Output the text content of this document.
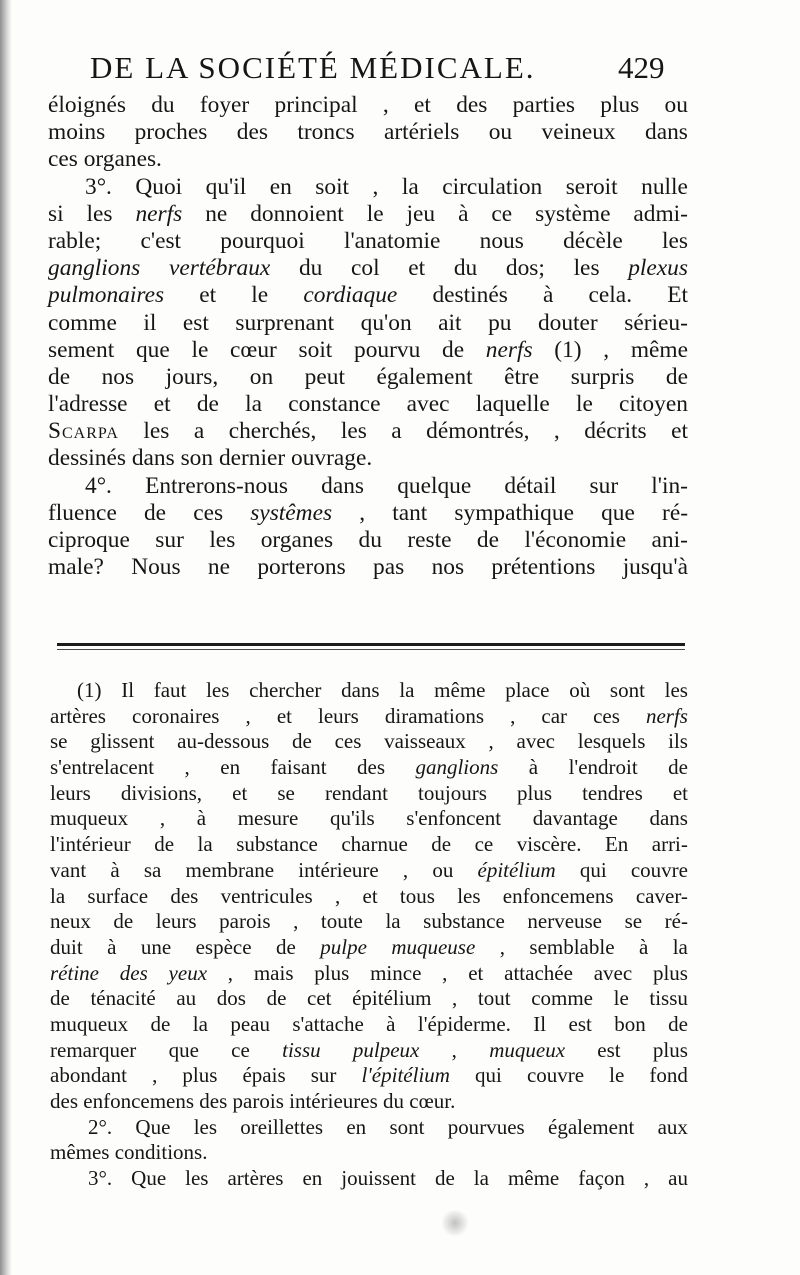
DE LA SOCIÉTÉ MÉDICALE.	429
éloignés du foyer principal , et des parties plus ou
moins proches des troncs artériels ou veineux dans
ces
organes.
3°. Quoi qu'il en soit , la circulation seroit nulle
si les nerfs ne donnoient le jeu à ce système admi-
rable; c'est pourquoi l'anatomie nous décèle les
ganglions vertébraux du col et du dos; les plexus
pulmonaires et le cordiaque destinés à cela. Et
comme il est surprenant qu'on ait pu douter sérieu-
sement que le cœur soit pourvu de nerfs (1) , même
de nos jours, on peut également être surpris de
l'adresse et de la constance avec laquelle le citoyen
Scarpa les a cherchés, les a démontrés, , décrits et
dessinés
dans
son
dernier
ouvrage.
4°. Entrerons-nous dans quelque détail sur l'in-
fluence de ces systêmes , tant sympathique que ré-
ciproque sur les organes du reste de l'économie ani-
male? Nous ne porterons pas nos prétentions jusqu'à
(1) Il faut les chercher dans la même place où sont les
artères coronaires , et leurs diramations , car ces nerfs
se glissent au-dessous de ces vaisseaux , avec lesquels ils
s'entrelacent , en faisant des ganglions à l'endroit de
leurs divisions, et se rendant toujours plus tendres et
muqueux , à mesure qu'ils s'enfoncent davantage dans
l'intérieur de la substance charnue de ce viscère. En arri-
vant à sa membrane intérieure , ou épitélium qui couvre
la surface des ventricules , et tous les enfoncemens caver-
neux de leurs parois , toute la substance nerveuse se ré-
duit à une espèce de pulpe muqueuse , semblable à la
rétine des yeux , mais plus mince , et attachée avec plus
de ténacité au dos de cet épitélium , tout comme le tissu
muqueux de la peau s'attache à l'épiderme. Il est bon de
remarquer que ce tissu pulpeux , muqueux est plus
abondant , plus épais sur l'épitélium qui couvre le fond
des
enfoncemens
des
parois
intérieures
du
cœur.
2°. Que les oreillettes en sont pourvues également aux
mêmes
conditions.
3°. Que les artères en jouissent de la même façon , au
